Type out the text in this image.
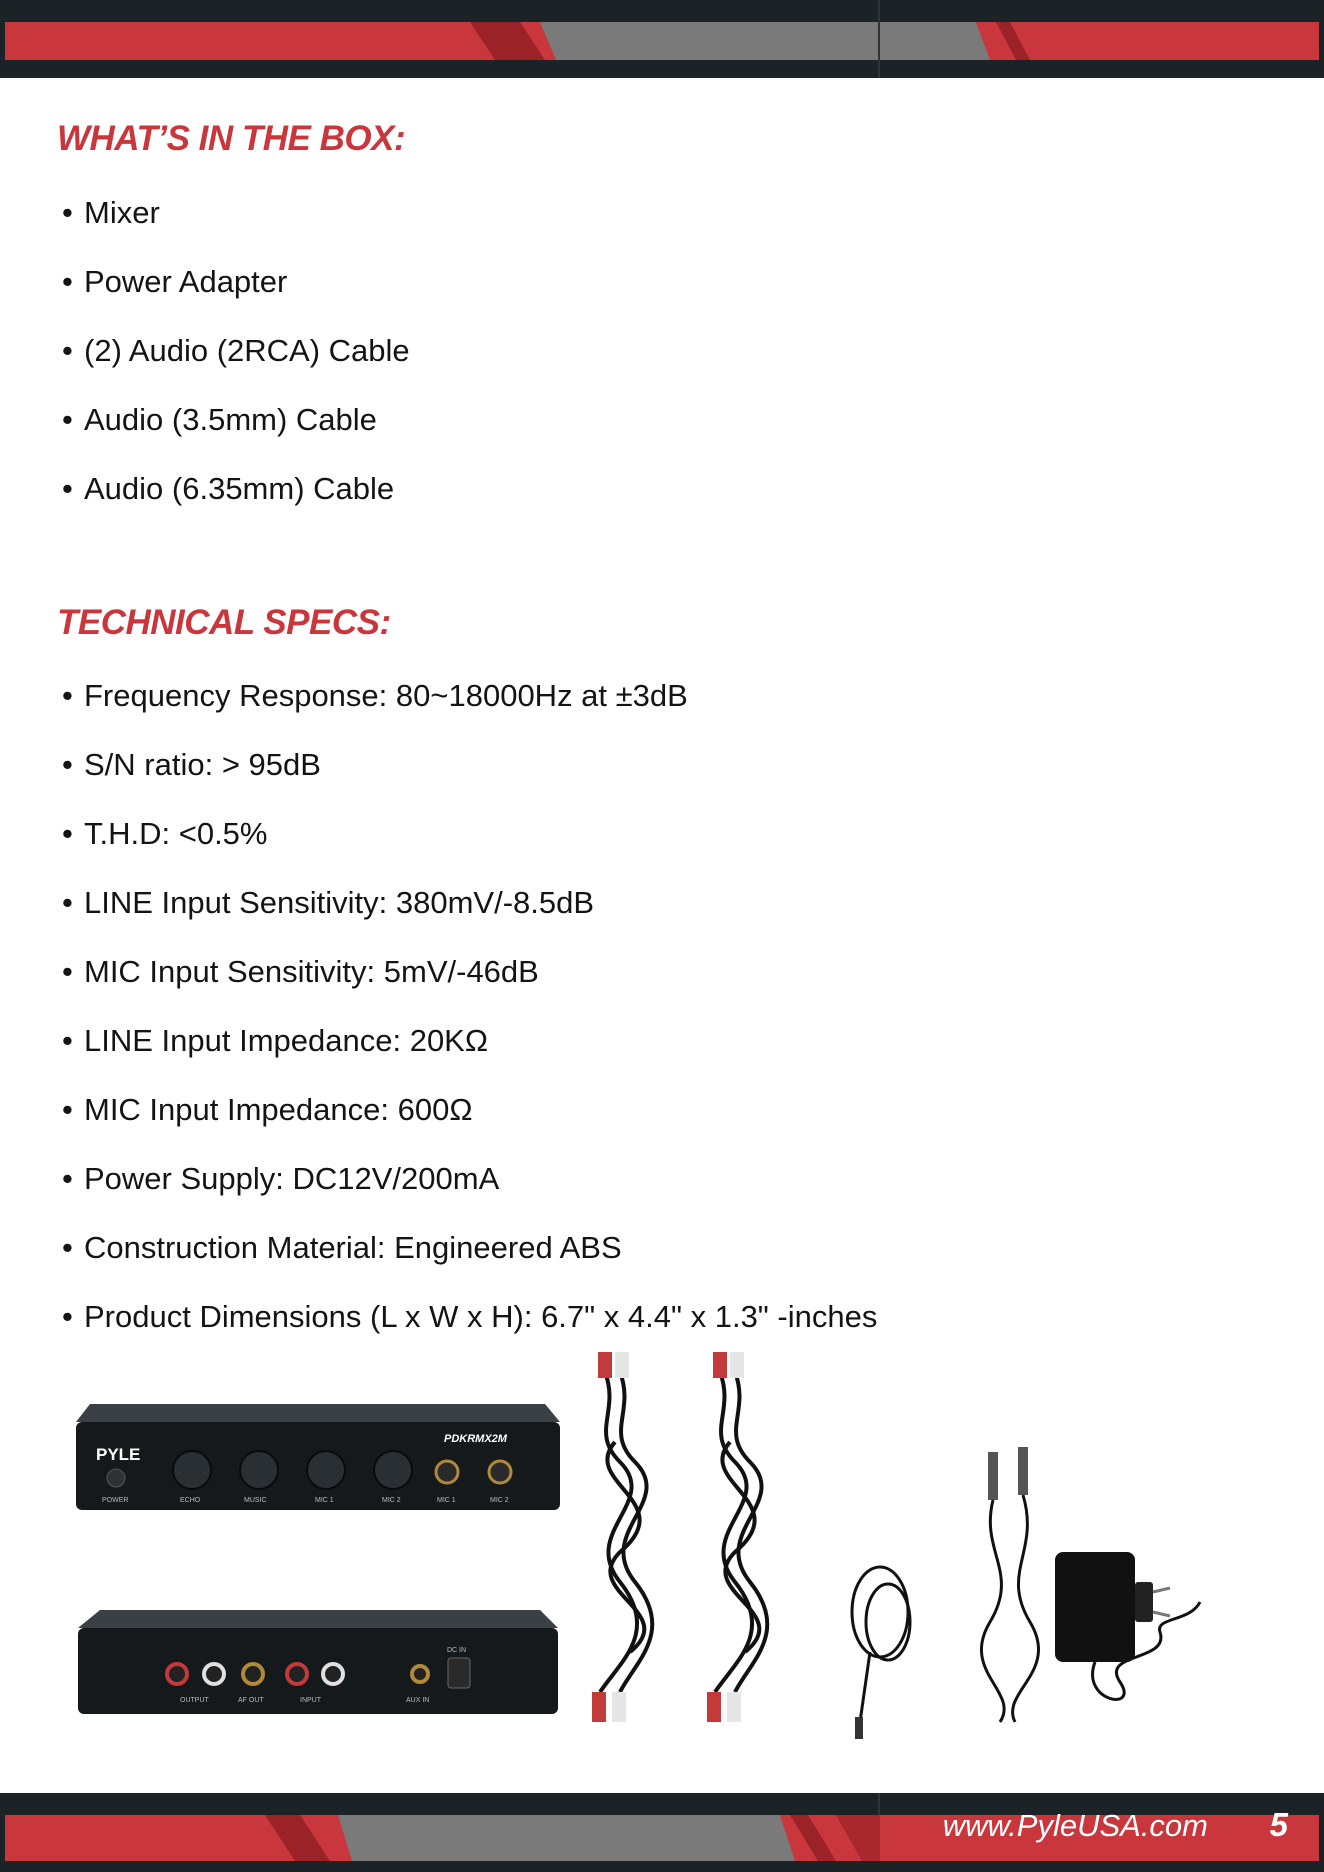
WHAT’S IN THE BOX:
• Mixer
• Power Adapter
• (2) Audio (2RCA) Cable
• Audio (3.5mm) Cable
• Audio (6.35mm) Cable
TECHNICAL SPECS:
• Frequency Response: 80~18000Hz at ±3dB
• S/N ratio: > 95dB
• T.H.D: <0.5%
• LINE Input Sensitivity: 380mV/-8.5dB
• MIC Input Sensitivity: 5mV/-46dB
• LINE Input Impedance: 20KΩ
• MIC Input Impedance: 600Ω
• Power Supply: DC12V/200mA
• Construction Material: Engineered ABS
• Product Dimensions (L x W x H): 6.7" x 4.4" x 1.3" -inches
PYLE
PDKRMX2M
POWER	ECHO	MUSIC	MIC 1	MIC 2	MIC 1	MIC 2
OUTPUT	AF OUT	INPUT	AUX IN
DC IN
www.PyleUSA.com 5
